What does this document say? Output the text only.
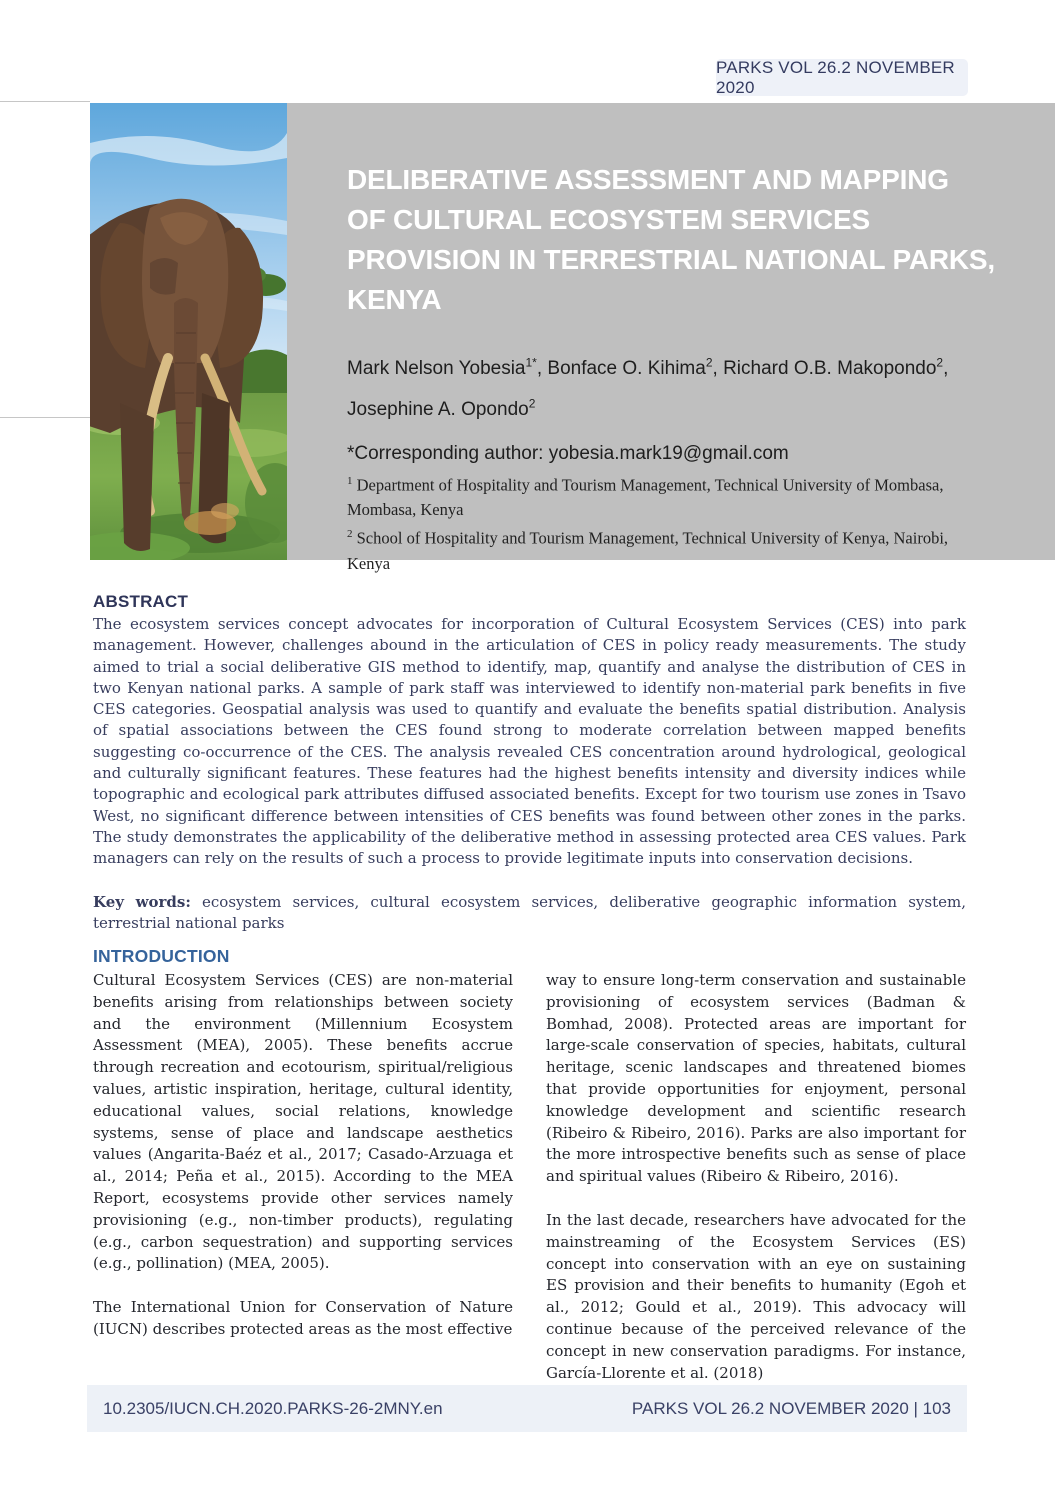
PARKS VOL 26.2 NOVEMBER 2020
DELIBERATIVE ASSESSMENT AND MAPPING
OF CULTURAL ECOSYSTEM SERVICES
PROVISION IN TERRESTRIAL NATIONAL PARKS,
KENYA
Mark Nelson Yobesia$^{1*}$, Bonface O. Kihima$^2$, Richard O.B. Makopondo$^2$, Josephine A. Opondo$^2$
*Corresponding author: yobesia.mark19@gmail.com
$^1$ Department of Hospitality and Tourism Management, Technical University of Mombasa, Mombasa, Kenya
$^2$ School of Hospitality and Tourism Management, Technical University of Kenya, Nairobi, Kenya
ABSTRACT

The ecosystem services concept advocates for incorporation of Cultural Ecosystem Services (CES) into park management. However, challenges abound in the articulation of CES in policy ready measurements. The study aimed to trial a social deliberative GIS method to identify, map, quantify and analyse the distribution of CES in two Kenyan national parks. A sample of park staff was interviewed to identify non-material park benefits in five CES categories. Geospatial analysis was used to quantify and evaluate the benefits spatial distribution. Analysis of spatial associations between the CES found strong to moderate correlation between mapped benefits suggesting co-occurrence of the CES. The analysis revealed CES concentration around hydrological, geological and culturally significant features. These features had the highest benefits intensity and diversity indices while topographic and ecological park attributes diffused associated benefits. Except for two tourism use zones in Tsavo West, no significant difference between intensities of CES benefits was found between other zones in the parks. The study demonstrates the applicability of the deliberative method in assessing protected area CES values. Park managers can rely on the results of such a process to provide legitimate inputs into conservation decisions.

Key words: ecosystem services, cultural ecosystem services, deliberative geographic information system, terrestrial national parks

INTRODUCTION

Cultural Ecosystem Services (CES) are non-material benefits arising from relationships between society and the environment (Millennium Ecosystem Assessment (MEA), 2005). These benefits accrue through recreation and ecotourism, spiritual/religious values, artistic inspiration, heritage, cultural identity, educational values, social relations, knowledge systems, sense of place and landscape aesthetics values (Angarita-Baéz et al., 2017; Casado-Arzuaga et al., 2014; Peña et al., 2015). According to the MEA Report, ecosystems provide other services namely provisioning (e.g., non-timber products), regulating (e.g., carbon sequestration) and supporting services (e.g., pollination) (MEA, 2005).

The International Union for Conservation of Nature (IUCN) describes protected areas as the most effective

way to ensure long-term conservation and sustainable provisioning of ecosystem services (Badman & Bomhad, 2008). Protected areas are important for large-scale conservation of species, habitats, cultural heritage, scenic landscapes and threatened biomes that provide opportunities for enjoyment, personal knowledge development and scientific research (Ribeiro & Ribeiro, 2016). Parks are also important for the more introspective benefits such as sense of place and spiritual values (Ribeiro & Ribeiro, 2016).

In the last decade, researchers have advocated for the mainstreaming of the Ecosystem Services (ES) concept into conservation with an eye on sustaining ES provision and their benefits to humanity (Egoh et al., 2012; Gould et al., 2019). This advocacy will continue because of the perceived relevance of the concept in new conservation paradigms. For instance, García-Llorente et al. (2018)

10.2305/IUCN.CH.2020.PARKS-26-2MNY.en	PARKS VOL 26.2 NOVEMBER 2020 | 103
